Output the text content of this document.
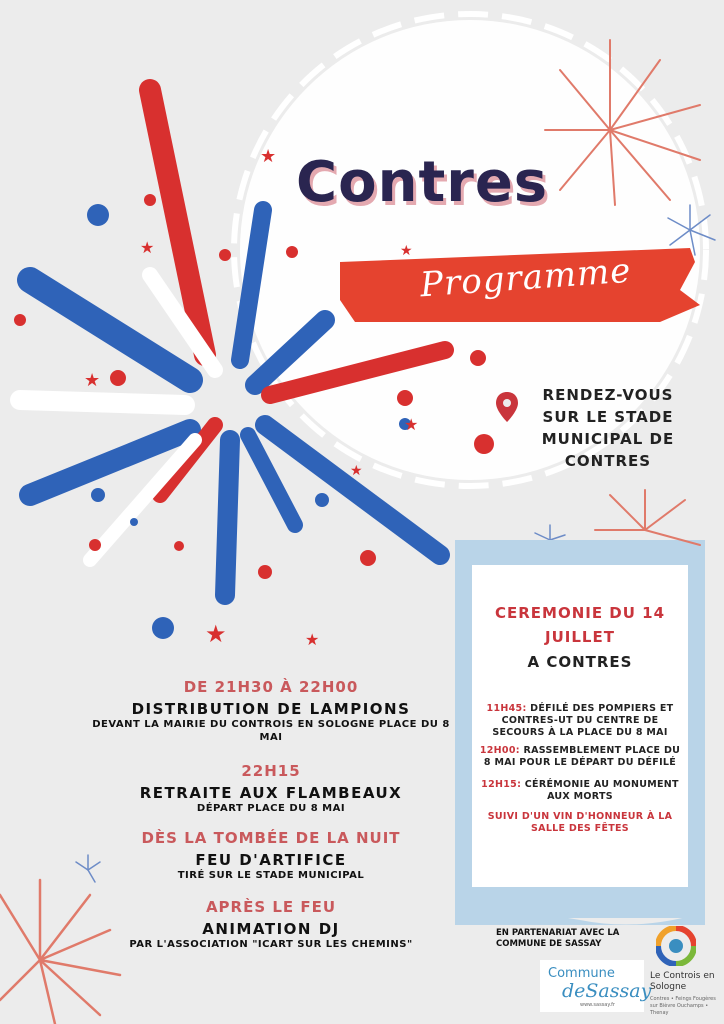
★
★
★
★
★	★
★
★
Contres
Programme
RENDEZ-VOUS SUR LE STADE MUNICIPAL DE CONTRES
DE 21H30 À 22H00
DISTRIBUTION DE LAMPIONS
DEVANT LA MAIRIE DU CONTROIS EN SOLOGNE PLACE DU 8 MAI
22H15
RETRAITE AUX FLAMBEAUX
DÉPART PLACE DU 8 MAI
DÈS LA TOMBÉE DE LA NUIT
FEU D'ARTIFICE
TIRÉ SUR LE STADE MUNICIPAL
APRÈS LE FEU
ANIMATION DJ
PAR L'ASSOCIATION "ICART SUR LES CHEMINS"
CEREMONIE DU 14 JUILLET
A CONTRES
11H45: DÉFILÉ DES POMPIERS ET CONTRES-UT DU CENTRE DE SECOURS À LA PLACE DU 8 MAI
12H00: RASSEMBLEMENT PLACE DU 8 MAI POUR LE DÉPART DU DÉFILÉ
12H15: CÉRÉMONIE AU MONUMENT AUX MORTS
SUIVI D'UN VIN D'HONNEUR À LA SALLE DES FÊTES
EN PARTENARIAT AVEC LA COMMUNE DE SASSAY
Commune
deSassay
www.sassay.fr
Le Controis en Sologne
Contres • Feings Fougères sur Bièvre Ouchamps • Thenay
